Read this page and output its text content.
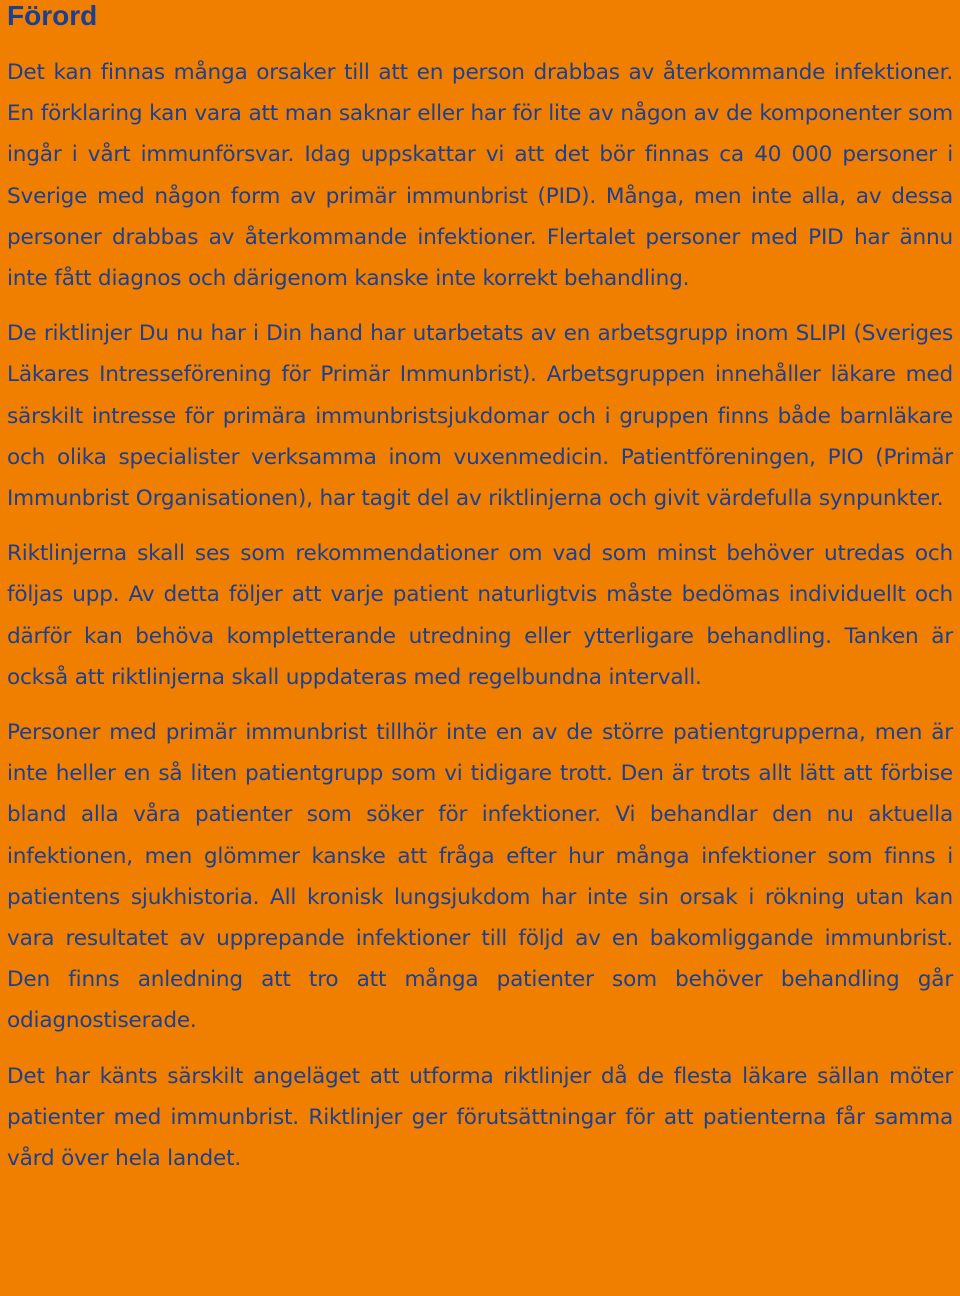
Förord

Det kan finnas många orsaker till att en person drabbas av återkommande infektioner. En förklaring kan vara att man saknar eller har för lite av någon av de komponenter som ingår i vårt immunförsvar. Idag uppskattar vi att det bör finnas ca 40 000 personer i Sverige med någon form av primär immunbrist (PID). Många, men inte alla, av dessa personer drabbas av återkommande infektioner. Flertalet personer med PID har ännu inte fått diagnos och därigenom kanske inte korrekt behandling.

De riktlinjer Du nu har i Din hand har utarbetats av en arbetsgrupp inom SLIPI (Sveriges Läkares Intresseförening för Primär Immunbrist). Arbetsgruppen innehåller läkare med särskilt intresse för primära immunbristsjukdomar och i gruppen finns både barnläkare och olika specialister verksamma inom vuxenmedicin. Patientföreningen, PIO (Primär Immunbrist Organisationen), har tagit del av riktlinjerna och givit värdefulla synpunkter.

Riktlinjerna skall ses som rekommendationer om vad som minst behöver utredas och följas upp. Av detta följer att varje patient naturligtvis måste bedömas individuellt och därför kan behöva kompletterande utredning eller ytterligare behandling. Tanken är också att riktlinjerna skall uppdateras med regelbundna intervall.

Personer med primär immunbrist tillhör inte en av de större patientgrupperna, men är inte heller en så liten patientgrupp som vi tidigare trott. Den är trots allt lätt att förbise bland alla våra patienter som söker för infektioner. Vi behandlar den nu aktuella infektionen, men glömmer kanske att fråga efter hur många infektioner som finns i patientens sjukhistoria. All kronisk lungsjukdom har inte sin orsak i rökning utan kan vara resultatet av upprepande infektioner till följd av en bakomliggande immunbrist. Den finns anledning att tro att många patienter som behöver behandling går odiagnostiserade.

Det har känts särskilt angeläget att utforma riktlinjer då de flesta läkare sällan möter patienter med immunbrist. Riktlinjer ger förutsättningar för att patienterna får samma vård över hela landet.
